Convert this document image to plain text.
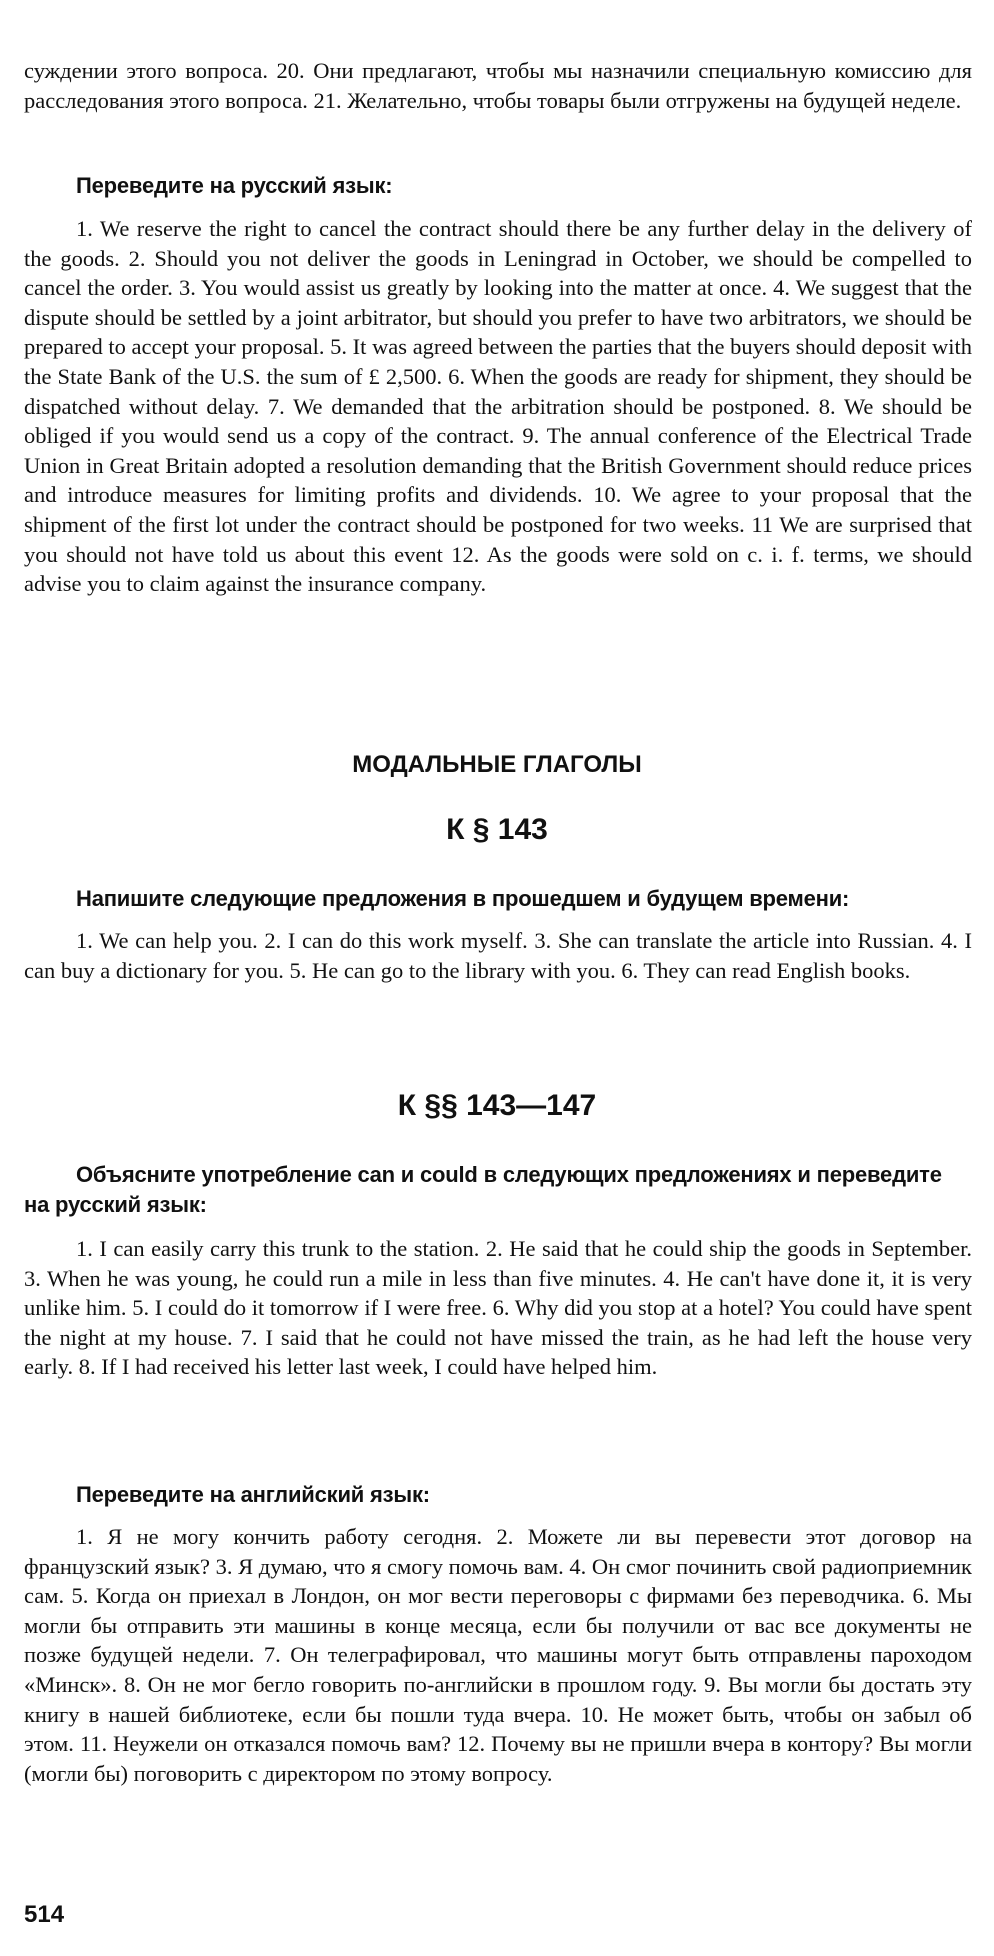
суждении этого вопроса. 20. Они предлагают, чтобы мы назначили специальную комиссию для расследования этого вопроса. 21. Желательно, чтобы товары были отгружены на будущей неделе.

Переведите на русский язык:

1. We reserve the right to cancel the contract should there be any further delay in the delivery of the goods. 2. Should you not deliver the goods in Leningrad in October, we should be compelled to cancel the order. 3. You would assist us greatly by looking into the matter at once. 4. We suggest that the dispute should be settled by a joint arbitrator, but should you prefer to have two arbitrators, we should be prepared to accept your proposal. 5. It was agreed between the parties that the buyers should deposit with the State Bank of the U.S. the sum of £ 2,500. 6. When the goods are ready for shipment, they should be dispatched without delay. 7. We demanded that the arbitration should be postponed. 8. We should be obliged if you would send us a copy of the contract. 9. The annual conference of the Electrical Trade Union in Great Britain adopted a resolution demanding that the British Government should reduce prices and introduce measures for limiting profits and dividends. 10. We agree to your proposal that the shipment of the first lot under the contract should be postponed for two weeks. 11 We are surprised that you should not have told us about this event 12. As the goods were sold on c. i. f. terms, we should advise you to claim against the insurance company.

МОДАЛЬНЫЕ ГЛАГОЛЫ
К § 143

Напишите следующие предложения в прошедшем и будущем времени:

1. We can help you. 2. I can do this work myself. 3. She can translate the article into Russian. 4. I can buy a dictionary for you. 5. He can go to the library with you. 6. They can read English books.

К §§ 143—147

Объясните употребление can и could в следующих предложениях и переведите на русский язык:

1. I can easily carry this trunk to the station. 2. He said that he could ship the goods in September. 3. When he was young, he could run a mile in less than five minutes. 4. He can't have done it, it is very unlike him. 5. I could do it tomorrow if I were free. 6. Why did you stop at a hotel? You could have spent the night at my house. 7. I said that he could not have missed the train, as he had left the house very early. 8. If I had received his letter last week, I could have helped him.

Переведите на английский язык:

1. Я не могу кончить работу сегодня. 2. Можете ли вы перевести этот договор на французский язык? 3. Я думаю, что я смогу помочь вам. 4. Он смог починить свой радиоприемник сам. 5. Когда он приехал в Лондон, он мог вести переговоры с фирмами без переводчика. 6. Мы могли бы отправить эти машины в конце месяца, если бы получили от вас все документы не позже будущей недели. 7. Он телеграфировал, что машины могут быть отправлены пароходом «Минск». 8. Он не мог бегло говорить по-английски в прошлом году. 9. Вы могли бы достать эту книгу в нашей библиотеке, если бы пошли туда вчера. 10. Не может быть, чтобы он забыл об этом. 11. Неужели он отказался помочь вам? 12. Почему вы не пришли вчера в контору? Вы могли (могли бы) поговорить с директором по этому вопросу.

514
